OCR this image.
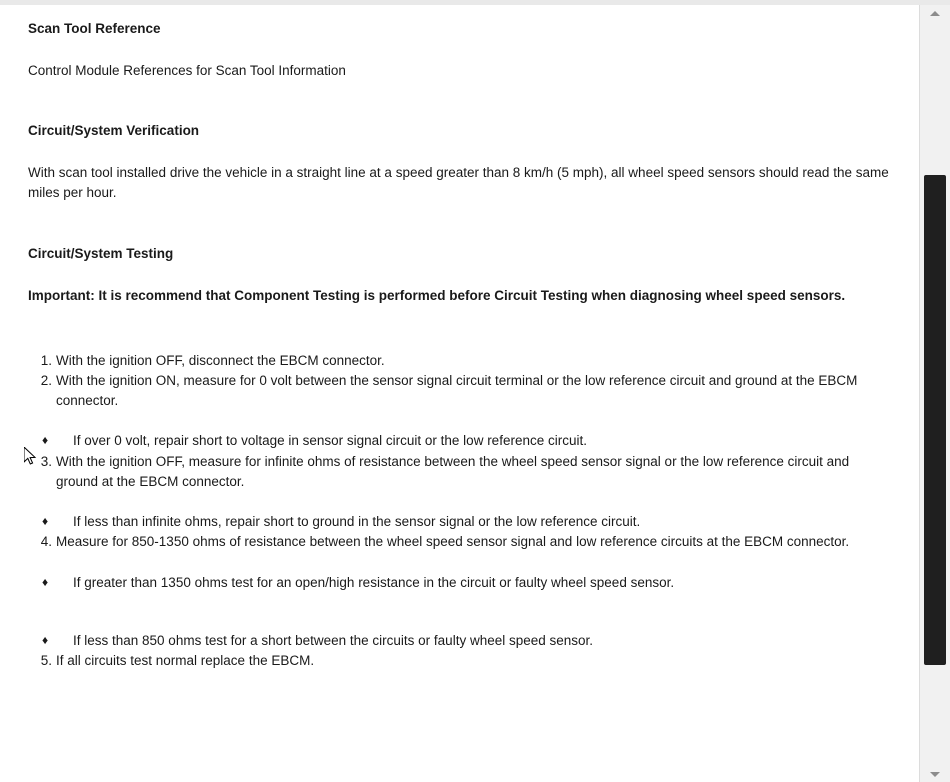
Scan Tool Reference

Control Module References for Scan Tool Information

Circuit/System Verification

With scan tool installed drive the vehicle in a straight line at a speed greater than 8 km/h (5 mph), all wheel speed sensors should read the same miles per hour.

Circuit/System Testing

Important: It is recommend that Component Testing is performed before Circuit Testing when diagnosing wheel speed sensors.

1. With the ignition OFF, disconnect the EBCM connector.
2. With the ignition ON, measure for 0 volt between the sensor signal circuit terminal or the low reference circuit and ground at the EBCM connector.
♦ If over 0 volt, repair short to voltage in sensor signal circuit or the low reference circuit.
3. With the ignition OFF, measure for infinite ohms of resistance between the wheel speed sensor signal or the low reference circuit and ground at the EBCM connector.
♦ If less than infinite ohms, repair short to ground in the sensor signal or the low reference circuit.
4. Measure for 850-1350 ohms of resistance between the wheel speed sensor signal and low reference circuits at the EBCM connector.
♦ If greater than 1350 ohms test for an open/high resistance in the circuit or faulty wheel speed sensor.
♦ If less than 850 ohms test for a short between the circuits or faulty wheel speed sensor.
5. If all circuits test normal replace the EBCM.
